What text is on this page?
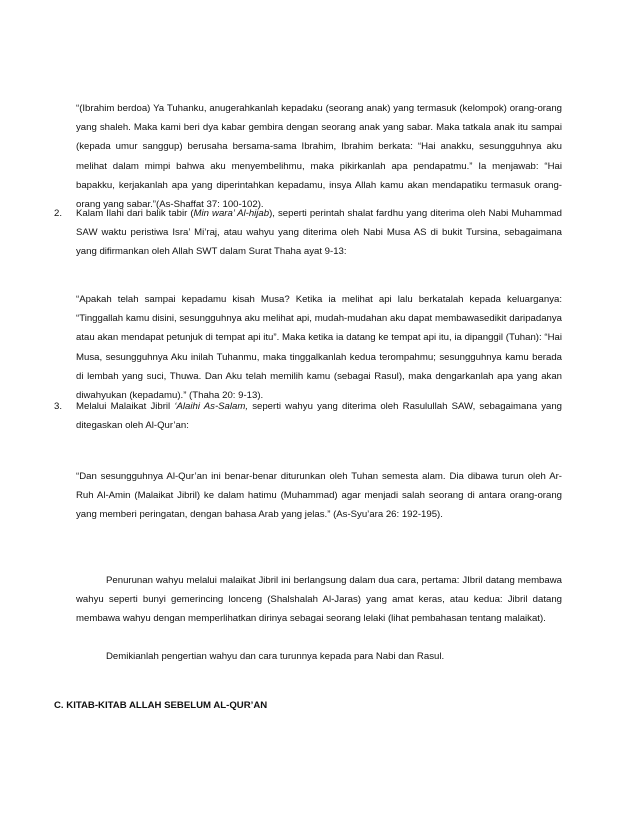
“(Ibrahim berdoa) Ya Tuhanku, anugerahkanlah kepadaku (seorang anak) yang termasuk (kelompok) orang-orang yang shaleh. Maka kami beri dya kabar gembira dengan seorang anak yang sabar. Maka tatkala anak itu sampai (kepada umur sanggup) berusaha bersama-sama Ibrahim, Ibrahim berkata: “Hai anakku, sesungguhnya aku melihat dalam mimpi bahwa aku menyembelihmu, maka pikirkanlah apa pendapatmu.” Ia menjawab: “Hai bapakku, kerjakanlah apa yang diperintahkan kepadamu, insya Allah kamu akan mendapatiku termasuk orang-orang yang sabar.”(As-Shaffat 37: 100-102).
2. Kalam Ilahi dari balik tabir (Min wara’ Al-hijab), seperti perintah shalat fardhu yang diterima oleh Nabi Muhammad SAW waktu peristiwa Isra’ Mi’raj, atau wahyu yang diterima oleh Nabi Musa AS di bukit Tursina, sebagaimana yang difirmankan oleh Allah SWT dalam Surat Thaha ayat 9-13:
“Apakah telah sampai kepadamu kisah Musa? Ketika ia melihat api lalu berkatalah kepada keluarganya: “Tinggallah kamu disini, sesungguhnya aku melihat api, mudah-mudahan aku dapat membawasedikit daripadanya atau akan mendapat petunjuk di tempat api itu”. Maka ketika ia datang ke tempat api itu, ia dipanggil (Tuhan): “Hai Musa, sesungguhnya Aku inilah Tuhanmu, maka tinggalkanlah kedua terompahmu; sesungguhnya kamu berada di lembah yang suci, Thuwa. Dan Aku telah memilih kamu (sebagai Rasul), maka dengarkanlah apa yang akan diwahyukan (kepadamu).” (Thaha 20: 9-13).
3. Melalui Malaikat Jibril ‘Alaihi As-Salam, seperti wahyu yang diterima oleh Rasulullah SAW, sebagaimana yang ditegaskan oleh Al-Qur’an:
“Dan sesungguhnya Al-Qur’an ini benar-benar diturunkan oleh Tuhan semesta alam. Dia dibawa turun oleh Ar-Ruh Al-Amin (Malaikat Jibril) ke dalam hatimu (Muhammad) agar menjadi salah seorang di antara orang-orang yang memberi peringatan, dengan bahasa Arab yang jelas.” (As-Syu’ara 26: 192-195).
Penurunan wahyu melalui malaikat Jibril ini berlangsung dalam dua cara, pertama: JIbril datang membawa wahyu seperti bunyi gemerincing lonceng (Shalshalah Al-Jaras) yang amat keras, atau kedua: Jibril datang membawa wahyu dengan memperlihatkan dirinya sebagai seorang lelaki (lihat pembahasan tentang malaikat).
Demikianlah pengertian wahyu dan cara turunnya kepada para Nabi dan Rasul.
C. KITAB-KITAB ALLAH SEBELUM AL-QUR’AN
